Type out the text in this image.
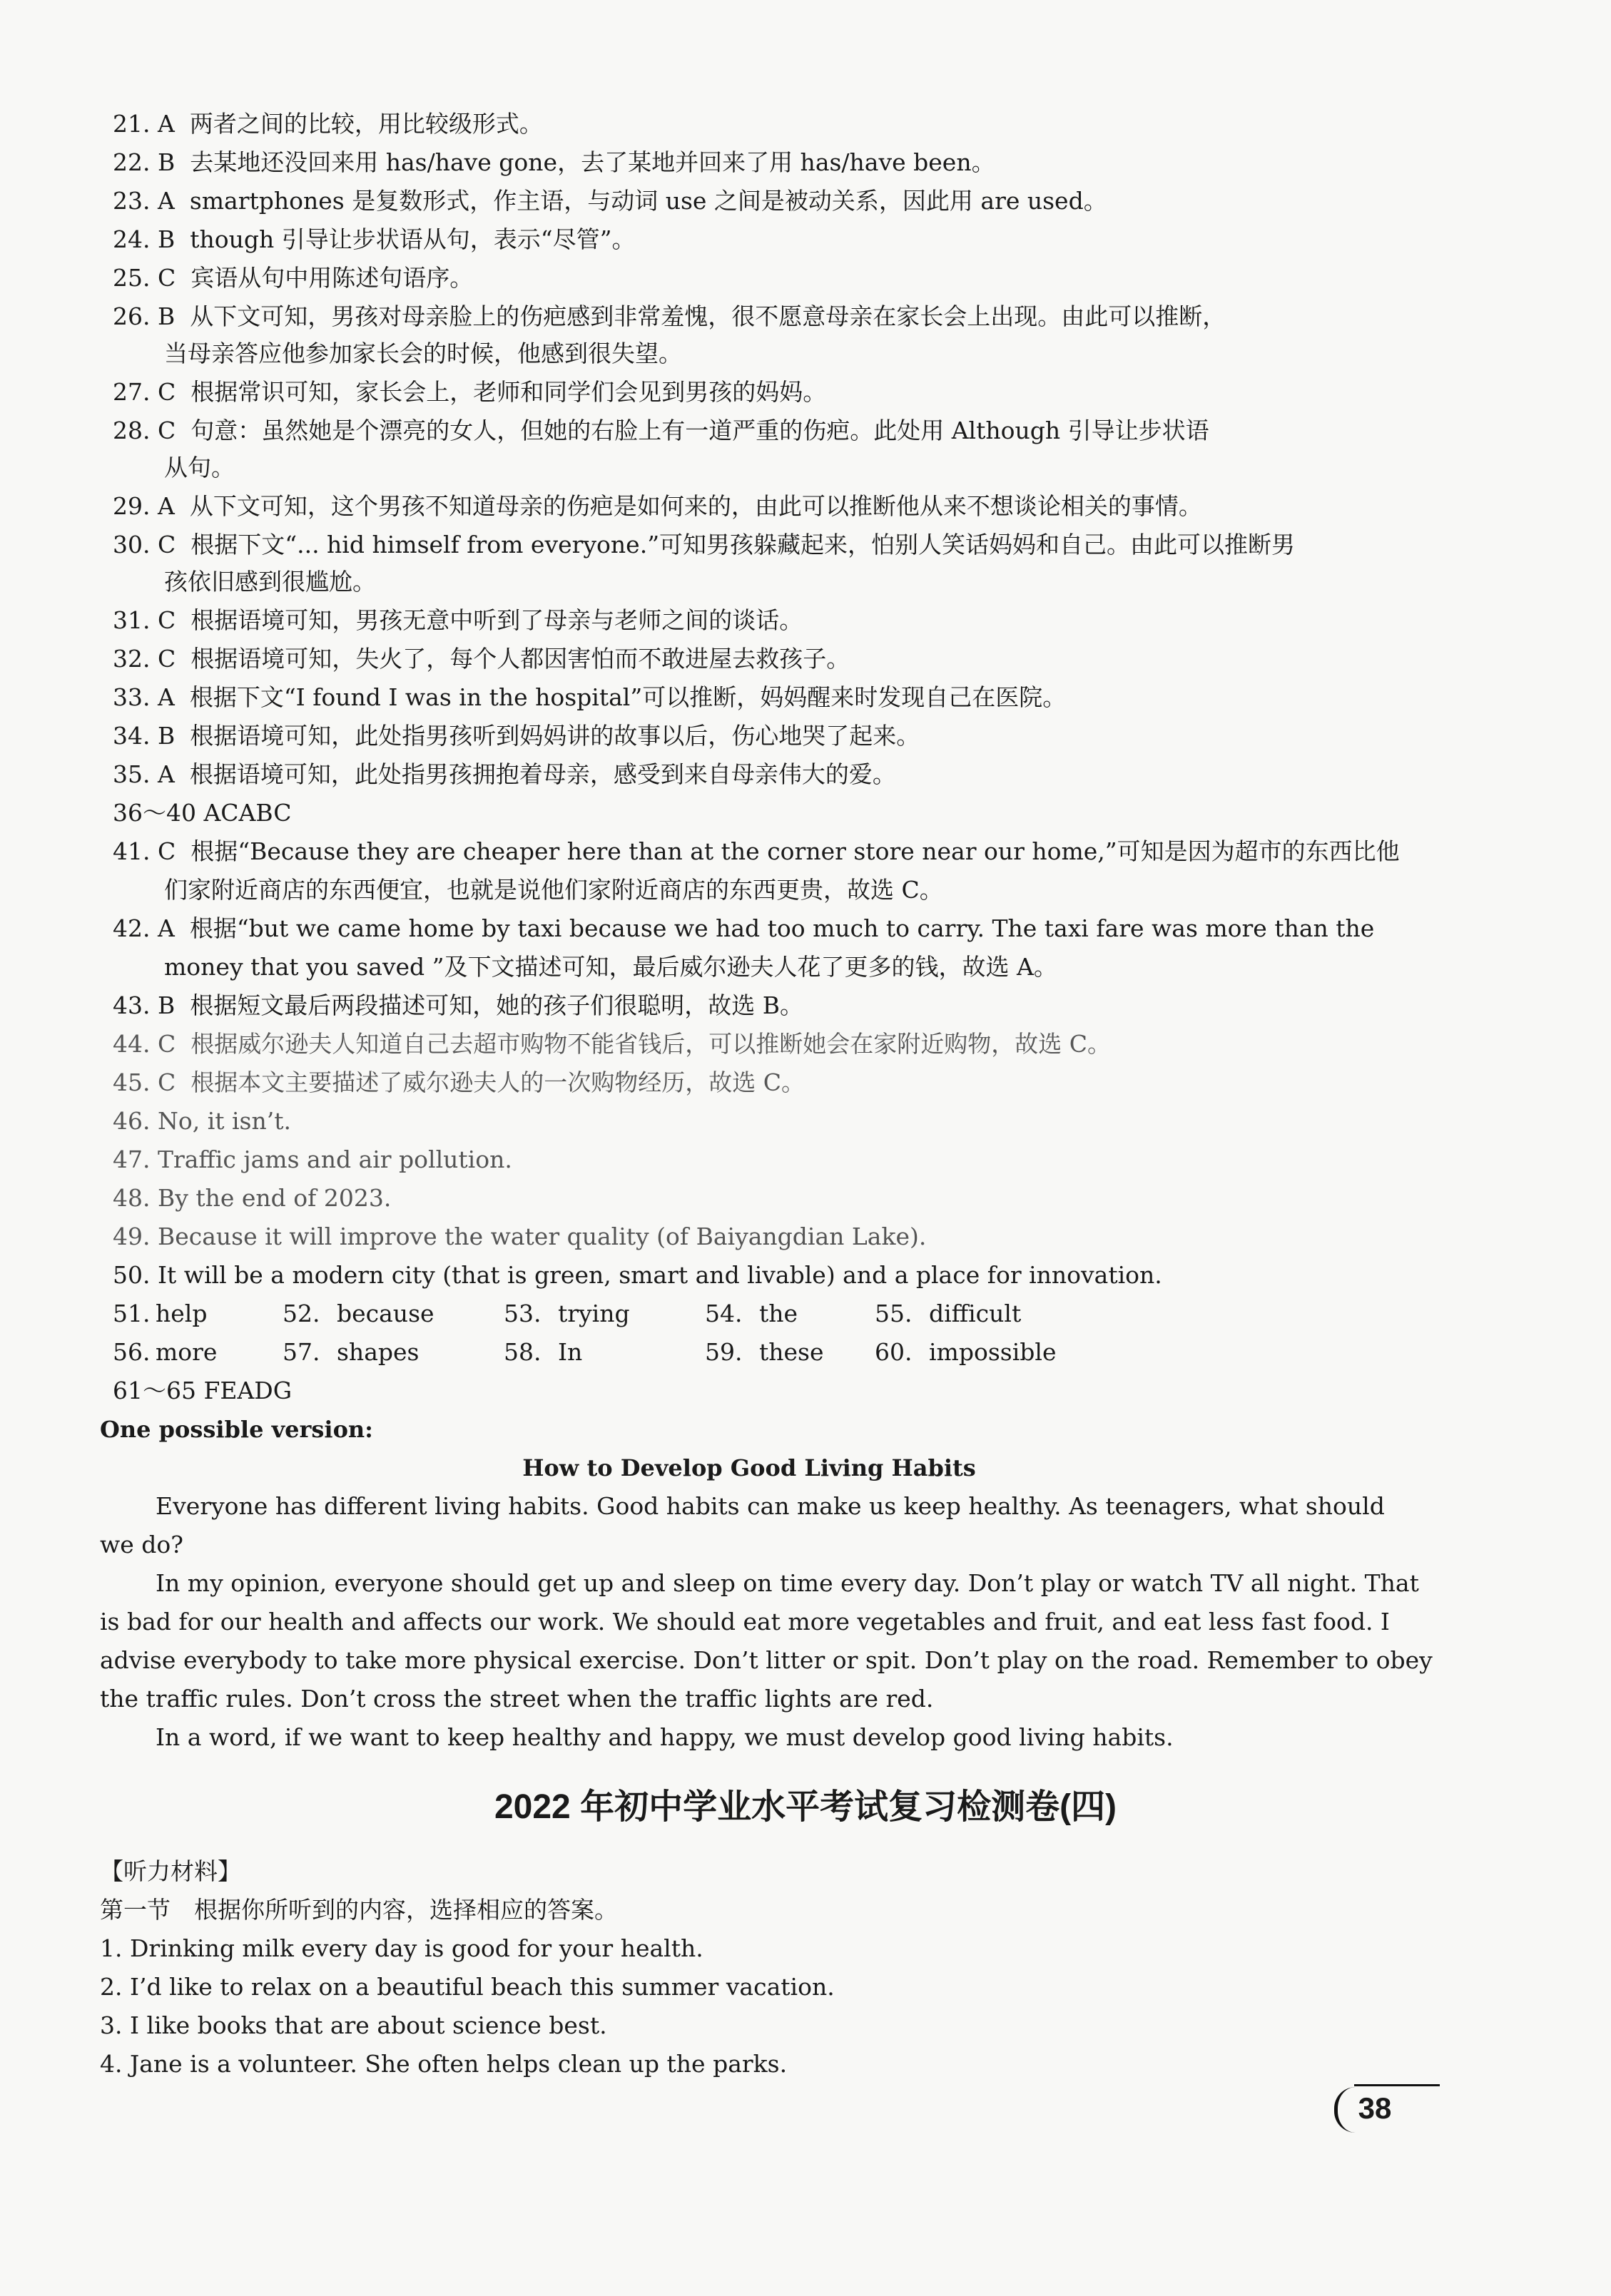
21. A 两者之间的比较，用比较级形式。
22. B 去某地还没回来用 has/have gone，去了某地并回来了用 has/have been。
23. A smartphones 是复数形式，作主语，与动词 use 之间是被动关系，因此用 are used。
24. B though 引导让步状语从句，表示“尽管”。
25. C 宾语从句中用陈述句语序。
26. B 从下文可知，男孩对母亲脸上的伤疤感到非常羞愧，很不愿意母亲在家长会上出现。由此可以推断，
当母亲答应他参加家长会的时候，他感到很失望。
27. C 根据常识可知，家长会上，老师和同学们会见到男孩的妈妈。
28. C 句意：虽然她是个漂亮的女人，但她的右脸上有一道严重的伤疤。此处用 Although 引导让步状语
从句。
29. A 从下文可知，这个男孩不知道母亲的伤疤是如何来的，由此可以推断他从来不想谈论相关的事情。
30. C 根据下文“... hid himself from everyone.”可知男孩躲藏起来，怕别人笑话妈妈和自己。由此可以推断男
孩依旧感到很尴尬。
31. C 根据语境可知，男孩无意中听到了母亲与老师之间的谈话。
32. C 根据语境可知，失火了，每个人都因害怕而不敢进屋去救孩子。
33. A 根据下文“I found I was in the hospital”可以推断，妈妈醒来时发现自己在医院。
34. B 根据语境可知，此处指男孩听到妈妈讲的故事以后，伤心地哭了起来。
35. A 根据语境可知，此处指男孩拥抱着母亲，感受到来自母亲伟大的爱。
36～40 ACABC
41. C 根据“Because they are cheaper here than at the corner store near our home,”可知是因为超市的东西比他
们家附近商店的东西便宜，也就是说他们家附近商店的东西更贵，故选 C。
42. A 根据“but we came home by taxi because we had too much to carry. The taxi fare was more than the
money that you saved ”及下文描述可知，最后威尔逊夫人花了更多的钱，故选 A。
43. B 根据短文最后两段描述可知，她的孩子们很聪明，故选 B。
44. C 根据威尔逊夫人知道自己去超市购物不能省钱后，可以推断她会在家附近购物，故选 C。
45. C 根据本文主要描述了威尔逊夫人的一次购物经历，故选 C。
46. No, it isn’t.
47. Traffic jams and air pollution.
48. By the end of 2023.
49. Because it will improve the water quality (of Baiyangdian Lake).
50. It will be a modern city (that is green, smart and livable) and a place for innovation.
51. help	52. because	53. trying	54. the	55. difficult
56. more	57. shapes	58. In	59. these 60. impossible
61～65 FEADG
One possible version:
How to Develop Good Living Habits
Everyone has different living habits. Good habits can make us keep healthy. As teenagers, what should
we do?
In my opinion, everyone should get up and sleep on time every day. Don’t play or watch TV all night. That
is bad for our health and affects our work. We should eat more vegetables and fruit, and eat less fast food. I
advise everybody to take more physical exercise. Don’t litter or spit. Don’t play on the road. Remember to obey
the traffic rules. Don’t cross the street when the traffic lights are red.
In a word, if we want to keep healthy and happy, we must develop good living habits.
2022 年初中学业水平考试复习检测卷(四)
【听力材料】
第一节　根据你所听到的内容，选择相应的答案。
1. Drinking milk every day is good for your health.
2. I’d like to relax on a beautiful beach this summer vacation.
3. I like books that are about science best.
4. Jane is a volunteer. She often helps clean up the parks.
38
